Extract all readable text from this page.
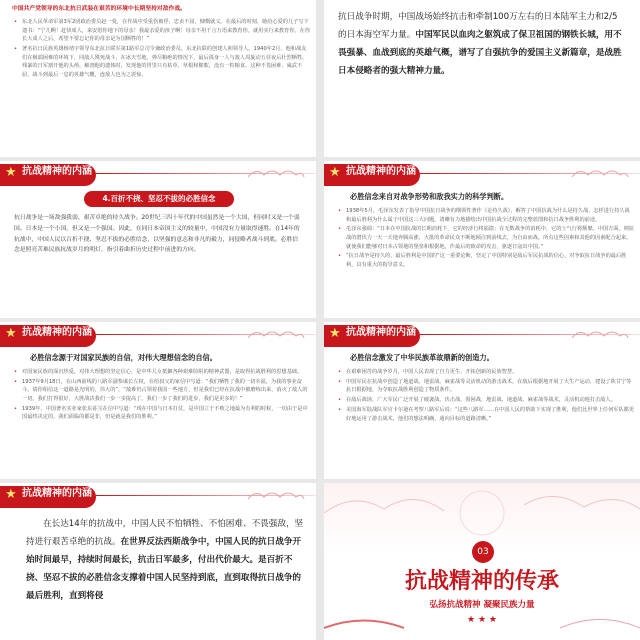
中国共产党领导的东北抗日武装在艰苦的环境中长期坚持对敌作战。

• 东北人民革命军第3军2团政治委员赵一曼，在作战中受重伤被俘，忠贞不屈，慷慨就义。在最后的时刻，她给心爱的儿子写下遗书：“宁儿啊！赶快成人，来安慰你地下的母亲！我最亲爱的孩子啊！母亲不用千言万语来教育你，就用实行来教育你。在你长大成人之后，希望不要忘记你的母亲是为国牺牲的！”

• 著名抗日民族英雄杨靖宇领导东北抗日联军第1路军总司令兼政治委员。东北抗联的创建人和领导人。1940年2月，他和战友们在极端困难的环境下，同敌人殊死战斗，在冰天雪地、弹尽粮绝的情况下，最后孤身一人与敌人周旋动五昼夜后壮烈牺牲。残暴的日军割开他的头颅，解剖他的遗体时，发现他的胃里只有枯草、草根和棉絮，没有一粒粮食。这种不畏困难、威武不屈、战斗到最后一息的英雄气概，连敌人也为之震惊。

抗日战争时期，中国战场始终抗击和牵制100万左右的日本陆军主力和2/5的日本海空军力量。中国军民以血肉之躯筑成了保卫祖国的钢铁长城，用不畏强暴、血战到底的英雄气概，谱写了自强抗争的爱国主义新篇章，是战胜日本侵略者的强大精神力量。
★ 抗战精神的内涵
4.百折不挠、坚忍不拔的必胜信念
抗日战争是一场敌强我弱、艰苦卓绝的持久战争。20世纪三四十年代的中国虽然是一个大国，但同时又是一个弱国。日本是一个小国，但又是一个强国。因此，在同日本帝国主义的较量中，中国没有力量取得速胜。在14年的抗战中，中国人民以百折不挠、坚忍不拔的必胜信念，以坚强的意志和非凡的毅力，同侵略者战斗到底。必胜信念是照亮苦难民族抗战岁月的明灯，指引着曲折历史过程中前进的方向。
★ 抗战精神的内涵
必胜信念来自对战争形势和敌我实力的科学判断。

• 1938年5月，毛泽东发表了指导中国抗日战争的纲领性著作《论持久战》，解答了中国抗战为什么是持久战、怎样进行持久战和最后胜利为什么属于中国这三大问题，清晰有力地描绘出中国抗战全过程的完整蓝图和抗日战争胜利的前途。

• 毛泽东强调：“日本在中国抗战的长期消耗下，它的经济行将崩溃；在无数战争的消耗中，它的士气行将颓靡。中国方面，则抗战的潜伏力一天一天地奔腾高涨，大批的革命民众不断地倾注到前线去，为自由而战。所有这些因素和其他的因素配合起来，就使我们能够对日本占领地的堡垒和根据地，作最后的致命的攻击，驱逐日寇出中国。”

• “抗日战争是持久的，最后胜利是中国的”这一重要论断，坚定了中国特别是敌后军民抗战的信心，对争取抗日战争的最后胜利，具有重大的指导意义。

★ 抗战精神的内涵
必胜信念源于对国家民族的自信，对伟大理想信念的自信。

• 对国家民族的深沉热爱，对伟大理想的坚定信心，是中华儿女抵御各种艰难险阻的精神武器，是取得抗战胜利的思想基础。

• 1937年9月18日，在山西前线的八路军副参谋长左权，在给叔父的家信中写道：“我们牺牲了我的一切幸福，为我的事业奋斗。请你相信这一道路是光明的，伟大的”，“敌难仍占领着我国一些地方，但是我们已经在抗战中被磨练出来，消灭了敌人的一切。我们打得很好，大胜战决我们一步一步提高了。我们一步了我们的进步，我们是更多的！”

• 1939年，中国著名实业家张东荪宝在信中写道：“现在中国与日本打仗，是中国立于不败之地最为有利的时候，一切由于是中国最终决定的，我们面临的都是非，但是就是我们的胜利。”

★ 抗战精神的内涵
必胜信念激发了中华民族革故鼎新的创造力。

• 在艰难困苦的战争岁月，中国人民表现了自力更生、开拓创新的民族智慧。

• 中国军民在抗战中创造了地道战、地雷战、麻雀战等灵活机动的游击战术，在敌后根据地开展了大生产运动，建设了陕甘宁等抗日根据地，为夺取抗战胜利创造了物质条件。

• 在敌后战场，广大军民广泛开展了破袭战、伏击战、围困战、地雷战、地道战、麻雀战等战术，灵活机动地打击敌人。

• 美国海军陆战队军官卡尔逊在考察八路军后说：“这些八路军……在中国人民的帮助下实现了胜利，他们比世界上任何军队都更好地运用了游击战术，他们的想法明确，通向目标的道路清晰。”

★ 抗战精神的内涵
在长达14年的抗战中，中国人民不怕牺牲、不怕困难、不畏强敌，坚持进行艰苦卓绝的抗战。在世界反法西斯战争中，中国人民的抗日战争开始时间最早，持续时间最长，抗击日军最多，付出代价最大。是百折不挠、坚忍不拔的必胜信念支撑着中国人民坚持到底，直到取得抗日战争的最后胜利，直到将侵
03
抗战精神的传承
弘扬抗战精神 凝聚民族力量
★ ★ ★
